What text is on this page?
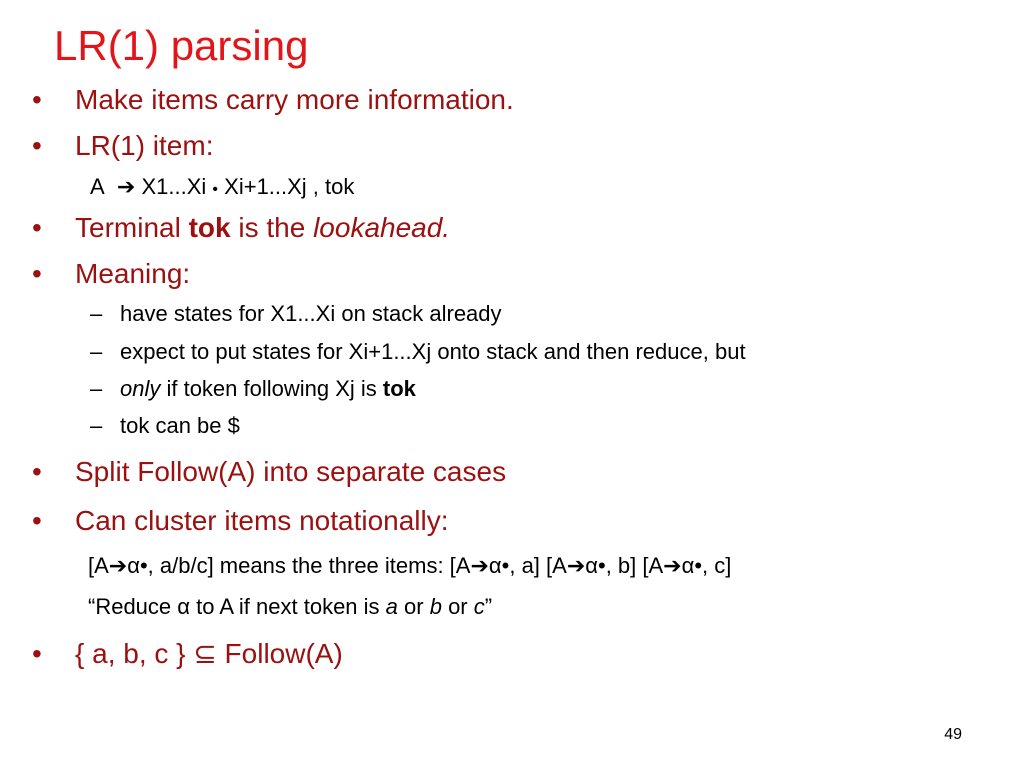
LR(1) parsing
• Make items carry more information.
• LR(1) item:
A ➔ X1...Xi • Xi+1...Xj , tok
• Terminal tok is the lookahead.
• Meaning:
– have states for X1...Xi on stack already
– expect to put states for Xi+1...Xj onto stack and then reduce, but
– only if token following Xj is tok
– tok can be $
• Split Follow(A) into separate cases
• Can cluster items notationally:
[A➔α•, a/b/c] means the three items: [A➔α•, a] [A➔α•, b] [A➔α•, c]
“Reduce α to A if next token is a or b or c”
• { a, b, c } ⊆ Follow(A)
49
